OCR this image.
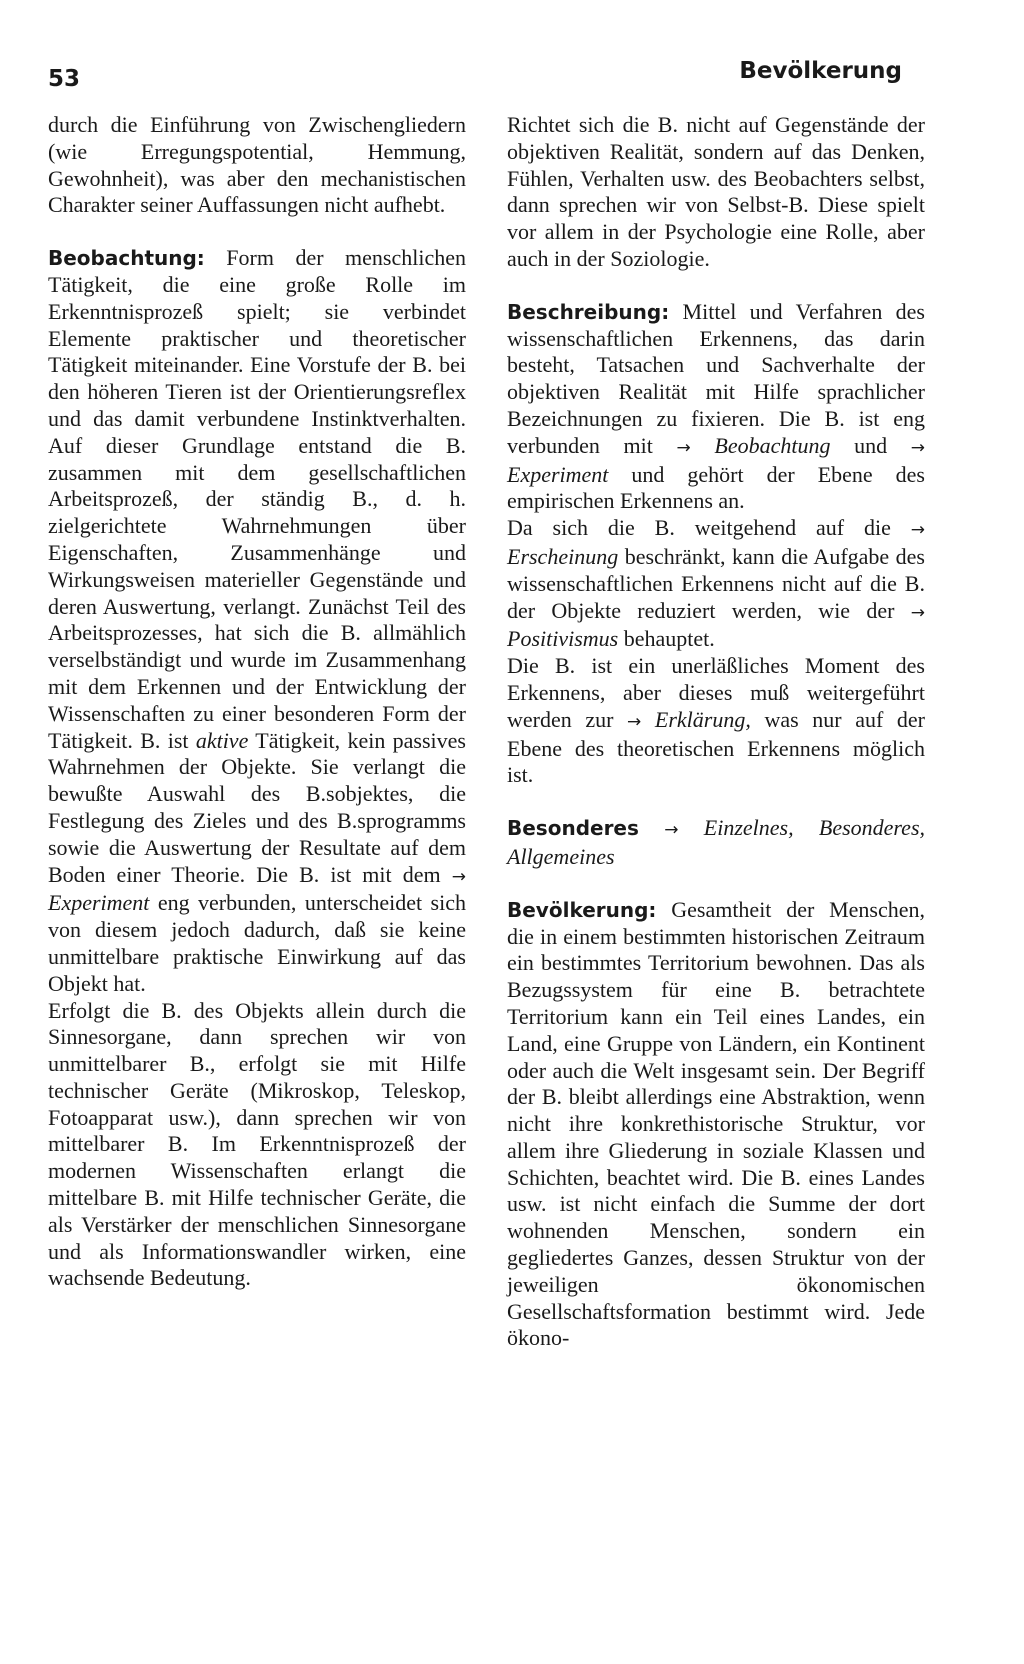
53	Bevölkerung

durch die Einführung von Zwischengliedern (wie Erregungspotential, Hemmung, Gewohnheit), was aber den mechanistischen Charakter seiner Auffassungen nicht aufhebt.

Beobachtung: Form der menschlichen Tätigkeit, die eine große Rolle im Erkenntnisprozeß spielt; sie verbindet Elemente praktischer und theoretischer Tätigkeit miteinander. Eine Vorstufe der B. bei den höheren Tieren ist der Orientierungsreflex und das damit verbundene Instinktverhalten. Auf dieser Grundlage entstand die B. zusammen mit dem gesellschaftlichen Arbeitsprozeß, der ständig B., d. h. zielgerichtete Wahrnehmungen über Eigenschaften, Zusammenhänge und Wirkungsweisen materieller Gegenstände und deren Auswertung, verlangt. Zunächst Teil des Arbeitsprozesses, hat sich die B. allmählich verselbständigt und wurde im Zusammenhang mit dem Erkennen und der Entwicklung der Wissenschaften zu einer besonderen Form der Tätigkeit. B. ist aktive Tätigkeit, kein passives Wahrnehmen der Objekte. Sie verlangt die bewußte Auswahl des B.sobjektes, die Festlegung des Zieles und des B.sprogramms sowie die Auswertung der Resultate auf dem Boden einer Theorie. Die B. ist mit dem → Experiment eng verbunden, unterscheidet sich von diesem jedoch dadurch, daß sie keine unmittelbare praktische Einwirkung auf das Objekt hat.

Erfolgt die B. des Objekts allein durch die Sinnesorgane, dann sprechen wir von unmittelbarer B., erfolgt sie mit Hilfe technischer Geräte (Mikroskop, Teleskop, Fotoapparat usw.), dann sprechen wir von mittelbarer B. Im Erkenntnisprozeß der modernen Wissenschaften erlangt die mittelbare B. mit Hilfe technischer Geräte, die als Verstärker der menschlichen Sinnesorgane und als Informationswandler wirken, eine wachsende Bedeutung.

Richtet sich die B. nicht auf Gegenstände der objektiven Realität, sondern auf das Denken, Fühlen, Verhalten usw. des Beobachters selbst, dann sprechen wir von Selbst-B. Diese spielt vor allem in der Psychologie eine Rolle, aber auch in der Soziologie.

Beschreibung: Mittel und Verfahren des wissenschaftlichen Erkennens, das darin besteht, Tatsachen und Sachverhalte der objektiven Realität mit Hilfe sprachlicher Bezeichnungen zu fixieren. Die B. ist eng verbunden mit → Beobachtung und → Experiment und gehört der Ebene des empirischen Erkennens an.

Da sich die B. weitgehend auf die → Erscheinung beschränkt, kann die Aufgabe des wissenschaftlichen Erkennens nicht auf die B. der Objekte reduziert werden, wie der → Positivismus behauptet.

Die B. ist ein unerläßliches Moment des Erkennens, aber dieses muß weitergeführt werden zur → Erklärung, was nur auf der Ebene des theoretischen Erkennens möglich ist.

Besonderes → Einzelnes, Besonderes, Allgemeines

Bevölkerung: Gesamtheit der Menschen, die in einem bestimmten historischen Zeitraum ein bestimmtes Territorium bewohnen. Das als Bezugssystem für eine B. betrachtete Territorium kann ein Teil eines Landes, ein Land, eine Gruppe von Ländern, ein Kontinent oder auch die Welt insgesamt sein. Der Begriff der B. bleibt allerdings eine Abstraktion, wenn nicht ihre konkrethistorische Struktur, vor allem ihre Gliederung in soziale Klassen und Schichten, beachtet wird. Die B. eines Landes usw. ist nicht einfach die Summe der dort wohnenden Menschen, sondern ein gegliedertes Ganzes, dessen Struktur von der jeweiligen ökonomischen Gesellschaftsformation bestimmt wird. Jede ökono-
